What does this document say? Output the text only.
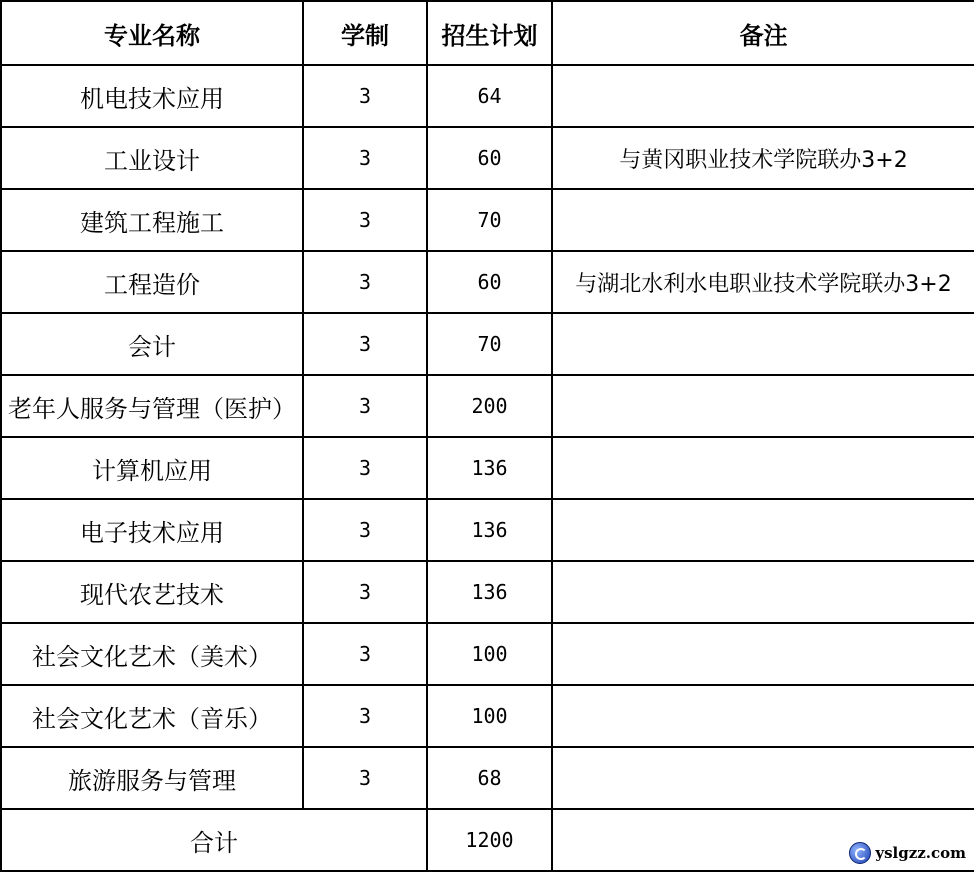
专业名称	学制	招生计划	备注
机电技术应用	3	64	
工业设计	3	60	与黄冈职业技术学院联办3+2
建筑工程施工	3	70	
工程造价	3	60	与湖北水利水电职业技术学院联办3+2
会计	3	70	
老年人服务与管理（医护）	3	200	
计算机应用	3	136	
电子技术应用	3	136	
现代农艺技术	3	136	
社会文化艺术（美术）	3	100	
社会文化艺术（音乐）	3	100	
旅游服务与管理	3	68	
合计		1200	
yslgzz.com
